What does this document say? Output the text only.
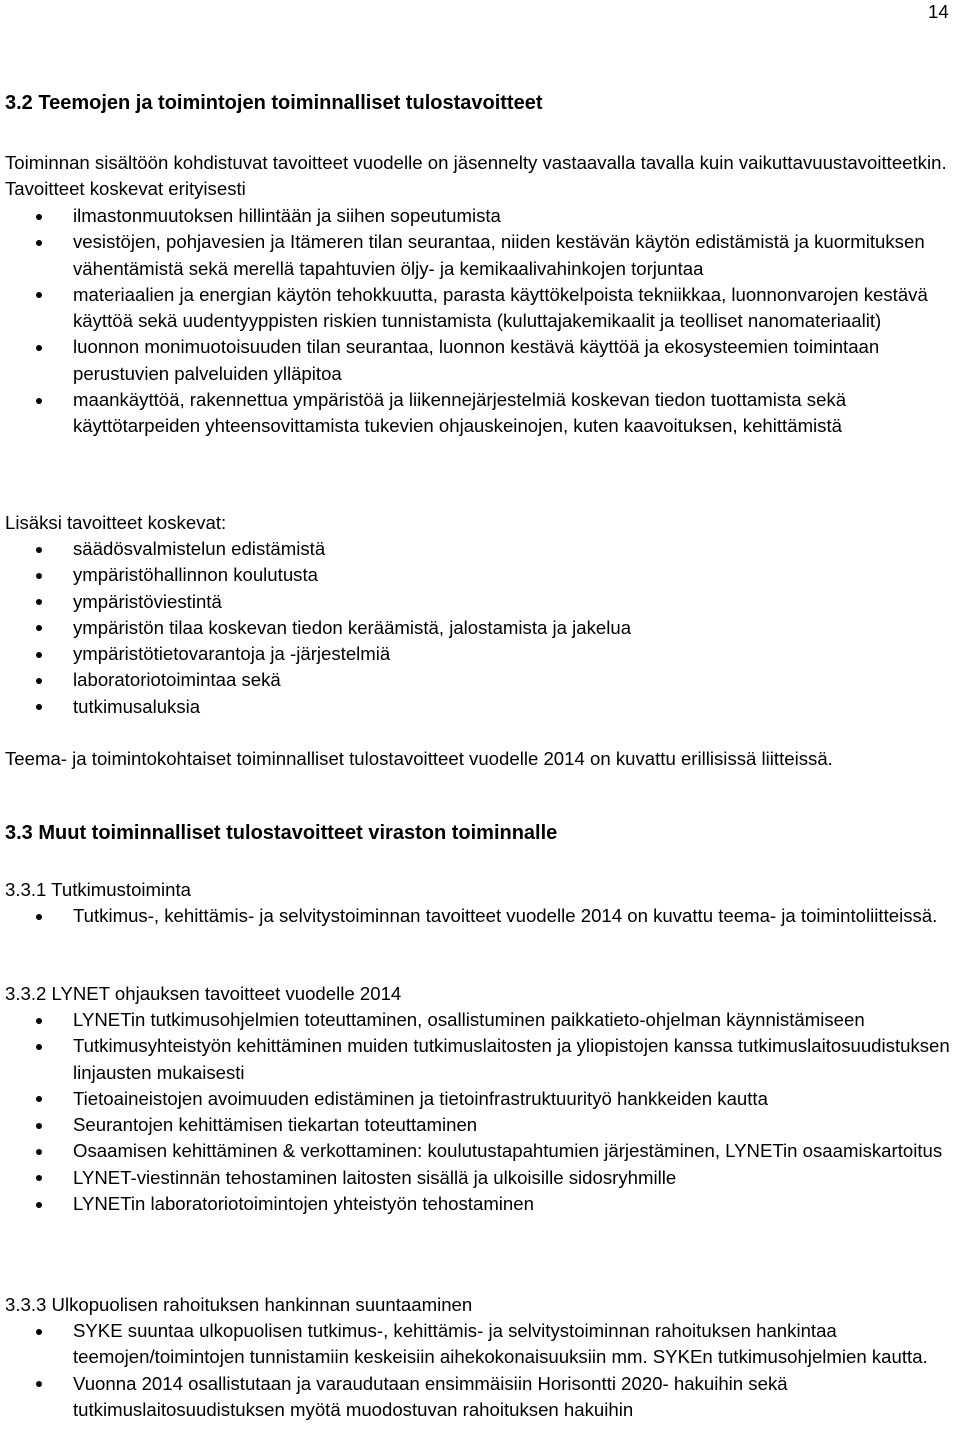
14
3.2 Teemojen ja toimintojen toiminnalliset tulostavoitteet

Toiminnan sisältöön kohdistuvat tavoitteet vuodelle on jäsennelty vastaavalla tavalla kuin vaikuttavuustavoitteetkin. Tavoitteet koskevat erityisesti

ilmastonmuutoksen hillintään ja siihen sopeutumista
vesistöjen, pohjavesien ja Itämeren tilan seurantaa, niiden kestävän käytön edistämistä ja kuormituksen vähentämistä sekä merellä tapahtuvien öljy- ja kemikaalivahinkojen torjuntaa
materiaalien ja energian käytön tehokkuutta, parasta käyttökelpoista tekniikkaa, luonnonvarojen kestävä käyttöä sekä uudentyyppisten riskien tunnistamista (kuluttajakemikaalit ja teolliset nanomateriaalit)
luonnon monimuotoisuuden tilan seurantaa, luonnon kestävä käyttöä ja ekosysteemien toimintaan perustuvien palveluiden ylläpitoa
maankäyttöä, rakennettua ympäristöä ja liikennejärjestelmiä koskevan tiedon tuottamista sekä käyttötarpeiden yhteensovittamista tukevien ohjauskeinojen, kuten kaavoituksen, kehittämistä

Lisäksi tavoitteet koskevat:

säädösvalmistelun edistämistä
ympäristöhallinnon koulutusta
ympäristöviestintä
ympäristön tilaa koskevan tiedon keräämistä, jalostamista ja jakelua
ympäristötietovarantoja ja -järjestelmiä
laboratoriotoimintaa sekä
tutkimusaluksia

Teema- ja toimintokohtaiset toiminnalliset tulostavoitteet vuodelle 2014 on kuvattu erillisissä liitteissä.

3.3 Muut toiminnalliset tulostavoitteet viraston toiminnalle

3.3.1 Tutkimustoiminta

Tutkimus-, kehittämis- ja selvitystoiminnan tavoitteet vuodelle 2014 on kuvattu teema- ja toimintoliitteissä.

3.3.2 LYNET ohjauksen tavoitteet vuodelle 2014

LYNETin tutkimusohjelmien toteuttaminen, osallistuminen paikkatieto-ohjelman käynnistämiseen
Tutkimusyhteistyön kehittäminen muiden tutkimuslaitosten ja yliopistojen kanssa tutkimuslaitosuudistuksen linjausten mukaisesti
Tietoaineistojen avoimuuden edistäminen ja tietoinfrastruktuurityö hankkeiden kautta
Seurantojen kehittämisen tiekartan toteuttaminen
Osaamisen kehittäminen & verkottaminen: koulutustapahtumien järjestäminen, LYNETin osaamiskartoitus
LYNET-viestinnän tehostaminen laitosten sisällä ja ulkoisille sidosryhmille
LYNETin laboratoriotoimintojen yhteistyön tehostaminen

3.3.3 Ulkopuolisen rahoituksen hankinnan suuntaaminen

SYKE suuntaa ulkopuolisen tutkimus-, kehittämis- ja selvitystoiminnan rahoituksen hankintaa teemojen/toimintojen tunnistamiin keskeisiin aihekokonaisuuksiin mm. SYKEn tutkimusohjelmien kautta.
Vuonna 2014 osallistutaan ja varaudutaan ensimmäisiin Horisontti 2020- hakuihin sekä tutkimuslaitosuudistuksen myötä muodostuvan rahoituksen hakuihin
